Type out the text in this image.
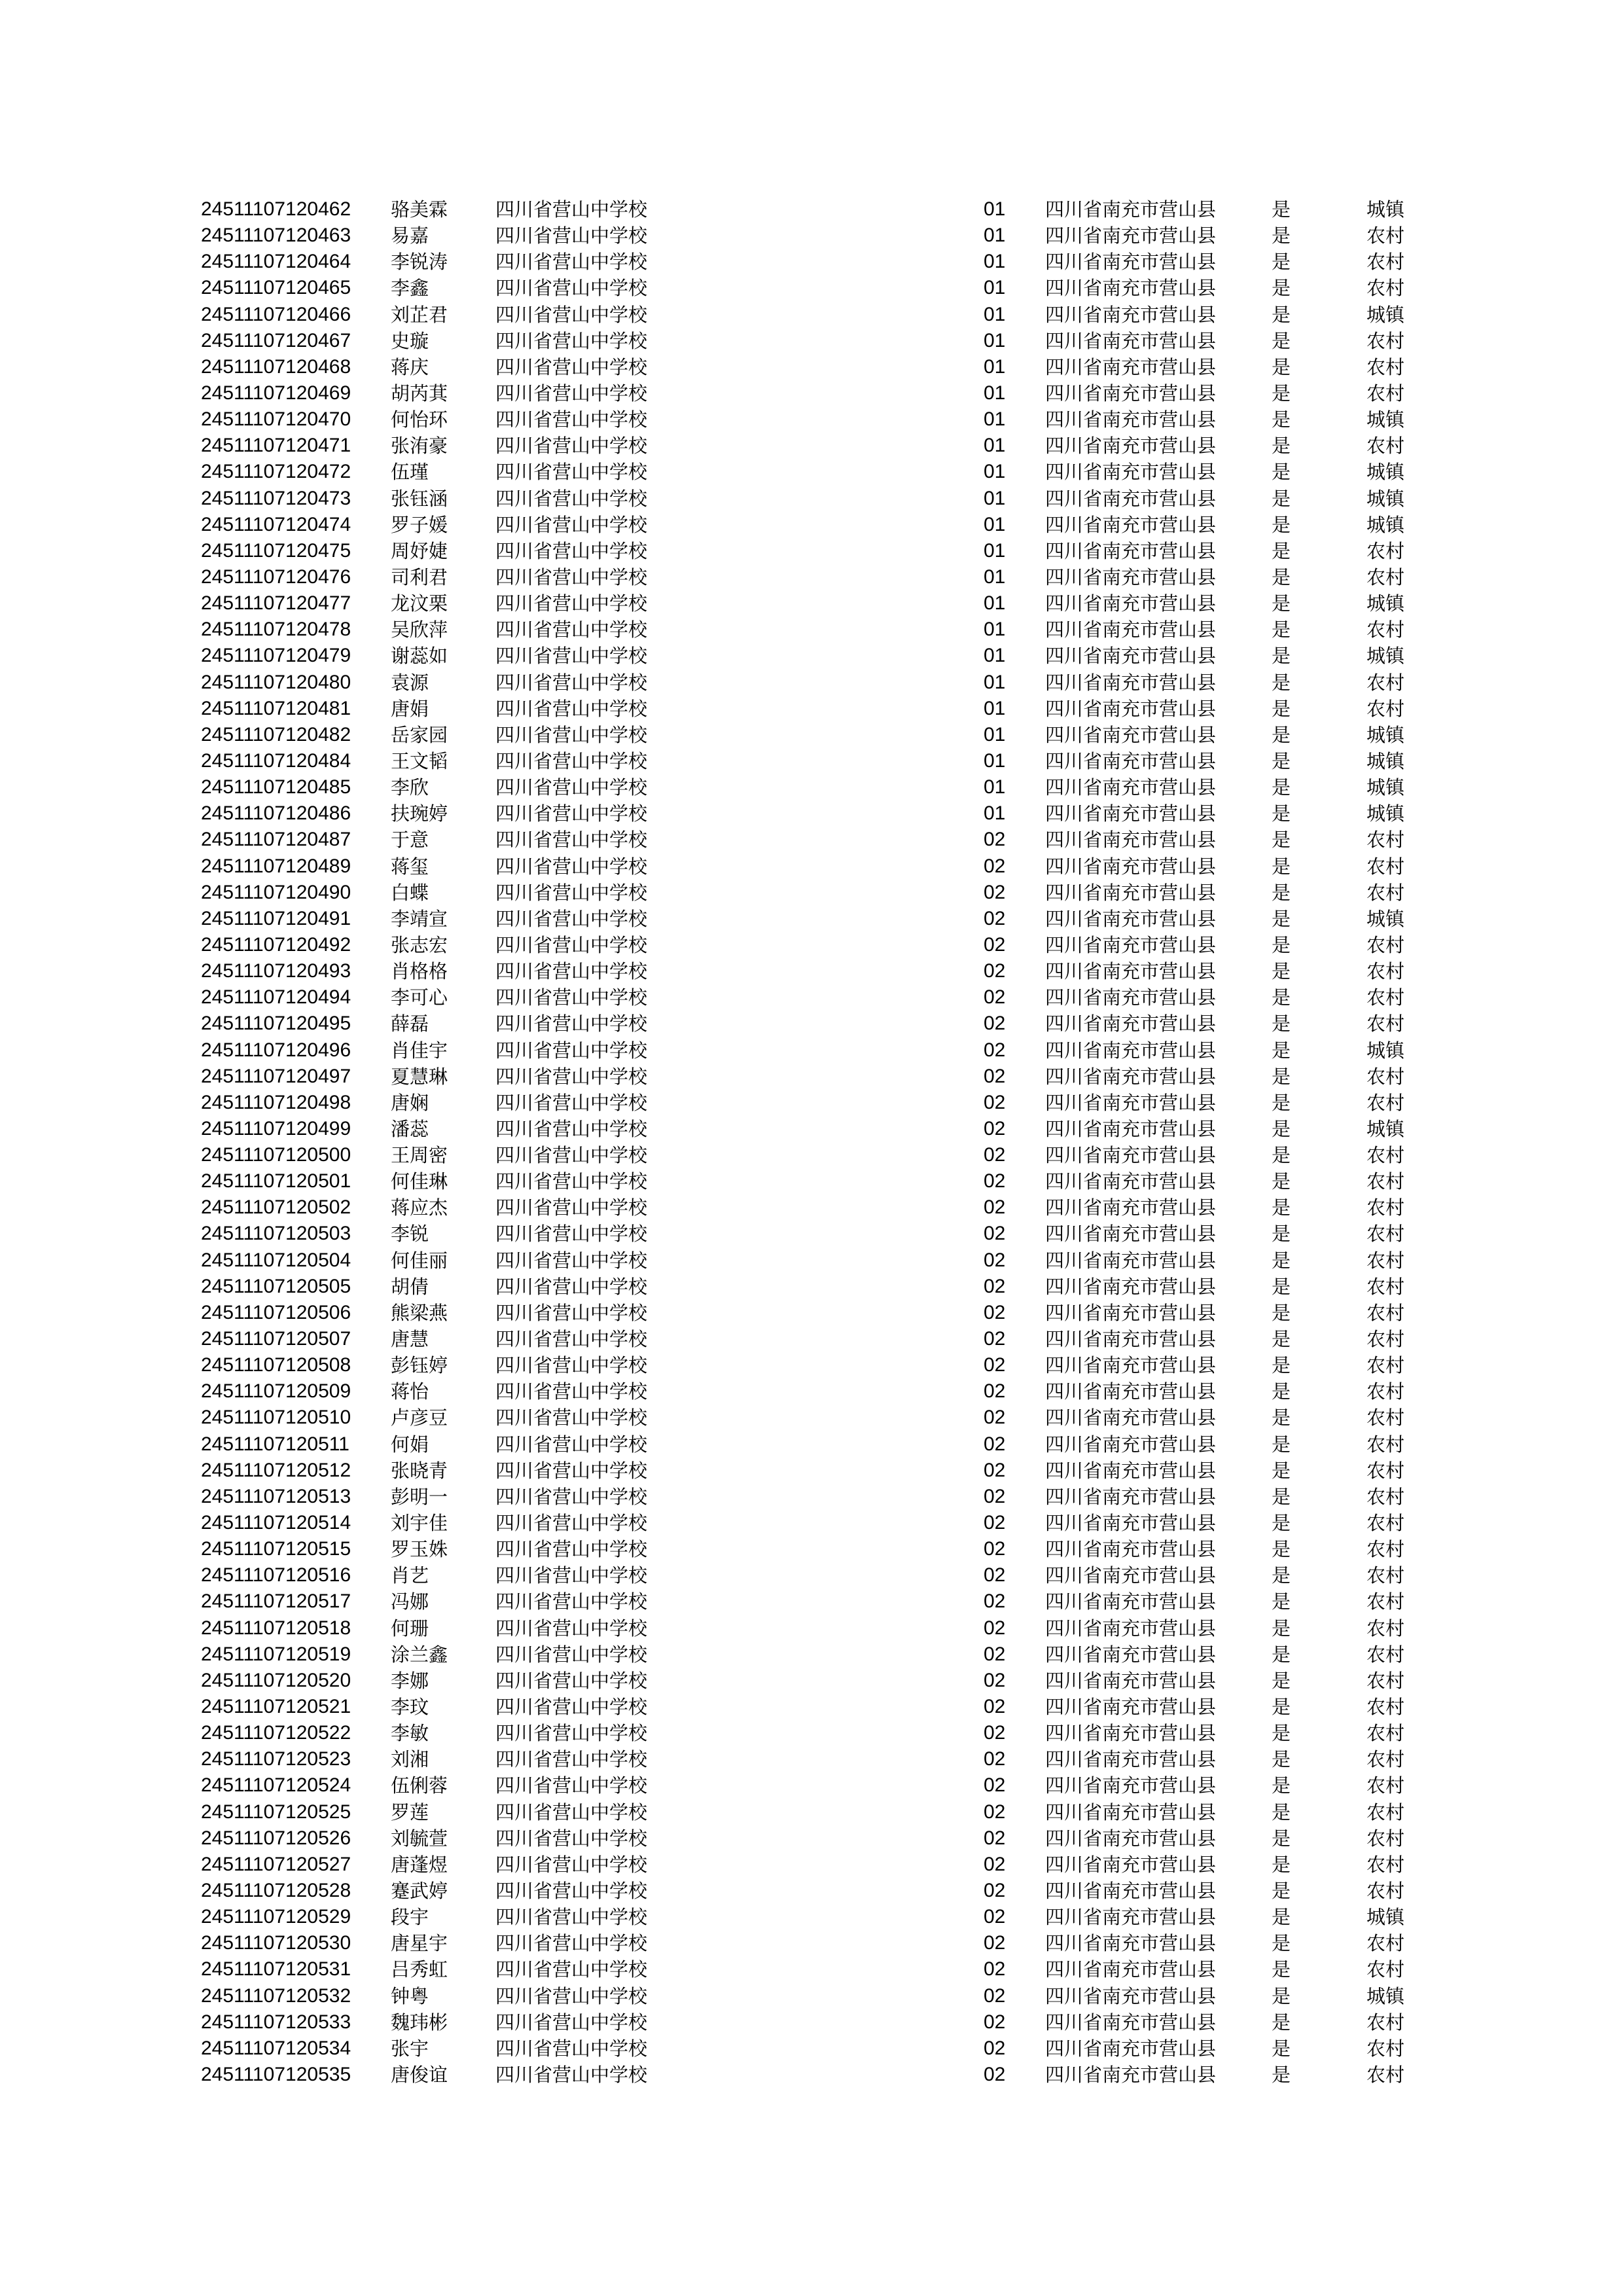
24511107120462 骆美霖	四川省营山中学校	01 四川省南充市营山县	是	城镇
24511107120463 易嘉	四川省营山中学校	01 四川省南充市营山县	是	农村
24511107120464 李锐涛	四川省营山中学校	01 四川省南充市营山县	是	农村
24511107120465 李鑫	四川省营山中学校	01 四川省南充市营山县	是	农村
24511107120466 刘芷君	四川省营山中学校	01 四川省南充市营山县	是	城镇
24511107120467 史璇	四川省营山中学校	01 四川省南充市营山县	是	农村
24511107120468 蒋庆	四川省营山中学校	01 四川省南充市营山县	是	农村
24511107120469 胡芮萁	四川省营山中学校	01 四川省南充市营山县	是	农村
24511107120470 何怡环	四川省营山中学校	01 四川省南充市营山县	是	城镇
24511107120471 张洧豪	四川省营山中学校	01 四川省南充市营山县	是	农村
24511107120472 伍瑾	四川省营山中学校	01 四川省南充市营山县	是	城镇
24511107120473 张钰涵	四川省营山中学校	01 四川省南充市营山县	是	城镇
24511107120474 罗子媛	四川省营山中学校	01 四川省南充市营山县	是	城镇
24511107120475 周妤婕	四川省营山中学校	01 四川省南充市营山县	是	农村
24511107120476 司利君	四川省营山中学校	01 四川省南充市营山县	是	农村
24511107120477 龙汶栗	四川省营山中学校	01 四川省南充市营山县	是	城镇
24511107120478 吴欣萍	四川省营山中学校	01 四川省南充市营山县	是	农村
24511107120479 谢蕊如	四川省营山中学校	01 四川省南充市营山县	是	城镇
24511107120480 袁源	四川省营山中学校	01 四川省南充市营山县	是	农村
24511107120481 唐娟	四川省营山中学校	01 四川省南充市营山县	是	农村
24511107120482 岳家园	四川省营山中学校	01 四川省南充市营山县	是	城镇
24511107120484 王文韬	四川省营山中学校	01 四川省南充市营山县	是	城镇
24511107120485 李欣	四川省营山中学校	01 四川省南充市营山县	是	城镇
24511107120486 扶琬婷	四川省营山中学校	01 四川省南充市营山县	是	城镇
24511107120487 于意	四川省营山中学校	02 四川省南充市营山县	是	农村
24511107120489 蒋玺	四川省营山中学校	02 四川省南充市营山县	是	农村
24511107120490 白蝶	四川省营山中学校	02 四川省南充市营山县	是	农村
24511107120491 李靖宣	四川省营山中学校	02 四川省南充市营山县	是	城镇
24511107120492 张志宏	四川省营山中学校	02 四川省南充市营山县	是	农村
24511107120493 肖格格	四川省营山中学校	02 四川省南充市营山县	是	农村
24511107120494 李可心	四川省营山中学校	02 四川省南充市营山县	是	农村
24511107120495 薛磊	四川省营山中学校	02 四川省南充市营山县	是	农村
24511107120496 肖佳宇	四川省营山中学校	02 四川省南充市营山县	是	城镇
24511107120497 夏慧琳	四川省营山中学校	02 四川省南充市营山县	是	农村
24511107120498 唐娴	四川省营山中学校	02 四川省南充市营山县	是	农村
24511107120499 潘蕊	四川省营山中学校	02 四川省南充市营山县	是	城镇
24511107120500 王周密	四川省营山中学校	02 四川省南充市营山县	是	农村
24511107120501 何佳琳	四川省营山中学校	02 四川省南充市营山县	是	农村
24511107120502 蒋应杰	四川省营山中学校	02 四川省南充市营山县	是	农村
24511107120503 李锐	四川省营山中学校	02 四川省南充市营山县	是	农村
24511107120504 何佳丽	四川省营山中学校	02 四川省南充市营山县	是	农村
24511107120505 胡倩	四川省营山中学校	02 四川省南充市营山县	是	农村
24511107120506 熊梁燕	四川省营山中学校	02 四川省南充市营山县	是	农村
24511107120507 唐慧	四川省营山中学校	02 四川省南充市营山县	是	农村
24511107120508 彭钰婷	四川省营山中学校	02 四川省南充市营山县	是	农村
24511107120509 蒋怡	四川省营山中学校	02 四川省南充市营山县	是	农村
24511107120510 卢彦豆	四川省营山中学校	02 四川省南充市营山县	是	农村
24511107120511 何娟	四川省营山中学校	02 四川省南充市营山县	是	农村
24511107120512 张晓青	四川省营山中学校	02 四川省南充市营山县	是	农村
24511107120513 彭明一	四川省营山中学校	02 四川省南充市营山县	是	农村
24511107120514 刘宇佳	四川省营山中学校	02 四川省南充市营山县	是	农村
24511107120515 罗玉姝	四川省营山中学校	02 四川省南充市营山县	是	农村
24511107120516 肖艺	四川省营山中学校	02 四川省南充市营山县	是	农村
24511107120517 冯娜	四川省营山中学校	02 四川省南充市营山县	是	农村
24511107120518 何珊	四川省营山中学校	02 四川省南充市营山县	是	农村
24511107120519 涂兰鑫	四川省营山中学校	02 四川省南充市营山县	是	农村
24511107120520 李娜	四川省营山中学校	02 四川省南充市营山县	是	农村
24511107120521 李玟	四川省营山中学校	02 四川省南充市营山县	是	农村
24511107120522 李敏	四川省营山中学校	02 四川省南充市营山县	是	农村
24511107120523 刘湘	四川省营山中学校	02 四川省南充市营山县	是	农村
24511107120524 伍俐蓉	四川省营山中学校	02 四川省南充市营山县	是	农村
24511107120525 罗莲	四川省营山中学校	02 四川省南充市营山县	是	农村
24511107120526 刘毓萱	四川省营山中学校	02 四川省南充市营山县	是	农村
24511107120527 唐蓬煜	四川省营山中学校	02 四川省南充市营山县	是	农村
24511107120528 蹇武婷	四川省营山中学校	02 四川省南充市营山县	是	农村
24511107120529 段宇	四川省营山中学校	02 四川省南充市营山县	是	城镇
24511107120530 唐星宇	四川省营山中学校	02 四川省南充市营山县	是	农村
24511107120531 吕秀虹	四川省营山中学校	02 四川省南充市营山县	是	农村
24511107120532 钟粤	四川省营山中学校	02 四川省南充市营山县	是	城镇
24511107120533 魏玮彬	四川省营山中学校	02 四川省南充市营山县	是	农村
24511107120534 张宇	四川省营山中学校	02 四川省南充市营山县	是	农村
24511107120535 唐俊谊	四川省营山中学校	02 四川省南充市营山县	是	农村
